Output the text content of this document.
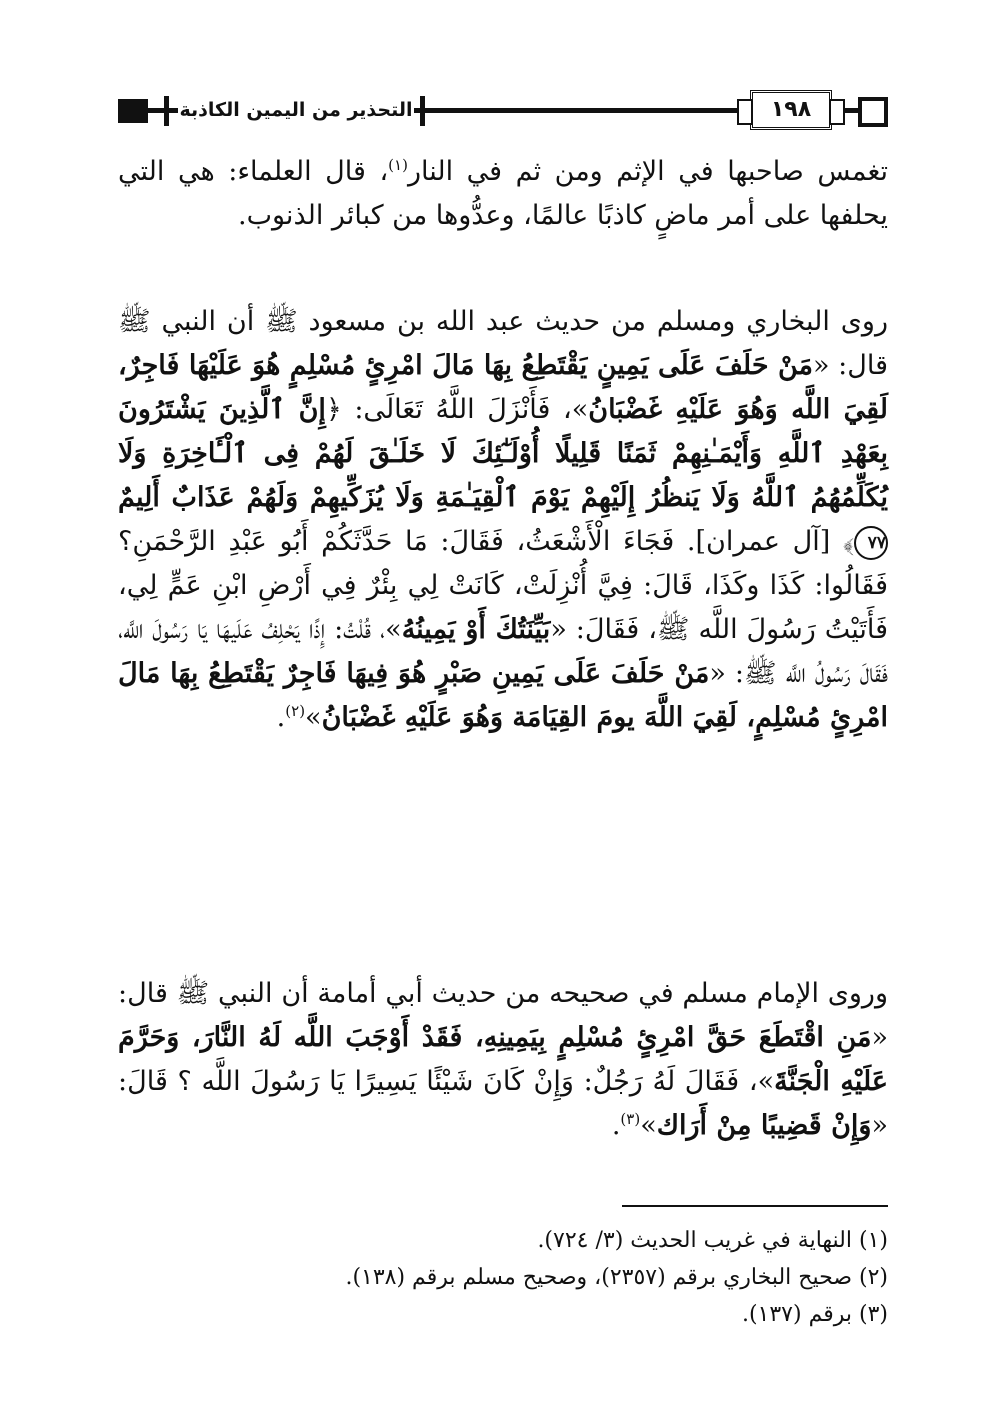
التحذير من اليمين الكاذبة	١٩٨
تغمس صاحبها في الإثم ومن ثم في النار$^{(١)}$، قال العلماء: هي التي يحلفها على أمر ماضٍ كاذبًا عالمًا، وعدُّوها من كبائر الذنوب.
روى البخاري ومسلم من حديث عبد الله بن مسعود ﷺ أن النبي ﷺ قال: «مَنْ حَلَفَ عَلَى يَمِينٍ يَقْتَطِعُ بِهَا مَالَ امْرِئٍ مُسْلِمٍ هُوَ عَلَيْهَا فَاجِرٌ، لَقِيَ اللَّه وَهُوَ عَلَيْهِ غَضْبَانُ»، فَأَنْزَلَ اللَّهُ تَعَالَى: ﴿إِنَّ ٱلَّذِينَ يَشْتَرُونَ بِعَهْدِ ٱللَّهِ وَأَيْمَـٰنِهِمْ ثَمَنًا قَلِيلًا أُوْلَـٰٓئِكَ لَا خَلَـٰقَ لَهُمْ فِى ٱلْـَٔاخِرَةِ وَلَا يُكَلِّمُهُمُ ٱللَّهُ وَلَا يَنظُرُ إِلَيْهِمْ يَوْمَ ٱلْقِيَـٰمَةِ وَلَا يُزَكِّيهِمْ وَلَهُمْ عَذَابٌ أَلِيمٌ ٧٧﴾ [آل عمران]. فَجَاءَ الْأَشْعَثُ، فَقَالَ: مَا حَدَّثَكُمْ أَبُو عَبْدِ الرَّحْمَنِ؟ فَقَالُوا: كَذَا وكَذَا، قَالَ: فِيَّ أُنْزِلَتْ، كَانَتْ لِي بِئْرٌ فِي أَرْضِ ابْنِ عَمٍّ لِي، فَأَتَيْتُ رَسُولَ اللَّه ﷺ، فَقَالَ: «بَيِّنَتُكَ أَوْ يَمِينُهُ»، قُلْتُ: إِذًا يَحْلِفُ عَلَيهَا يَا رَسُولَ اللَّه، فَقَالَ رَسُولُ اللَّه ﷺ: «مَنْ حَلَفَ عَلَى يَمِينِ صَبْرٍ هُوَ فِيهَا فَاجِرٌ يَقْتَطِعُ بِهَا مَالَ امْرِئٍ مُسْلِمٍ، لَقِيَ اللَّهَ يومَ القِيَامَة وَهُوَ عَلَيْهِ غَضْبَانُ»$^{(٢)}$.
وروى الإمام مسلم في صحيحه من حديث أبي أمامة أن النبي ﷺ قال: «مَنِ اقْتَطَعَ حَقَّ امْرِئٍ مُسْلِمٍ بِيَمِينِهِ، فَقَدْ أَوْجَبَ اللَّه لَهُ النَّارَ، وَحَرَّمَ عَلَيْهِ الْجَنَّةَ»، فَقَالَ لَهُ رَجُلٌ: وَإِنْ كَانَ شَيْئًا يَسِيرًا يَا رَسُولَ اللَّه ؟ قَالَ: «وَإِنْ قَضِيبًا مِنْ أَرَاك»$^{(٣)}$.
(١) النهاية في غريب الحديث (٣/ ٧٢٤).
(٢) صحيح البخاري برقم (٢٣٥٧)، وصحيح مسلم برقم (١٣٨).
(٣) برقم (١٣٧).
